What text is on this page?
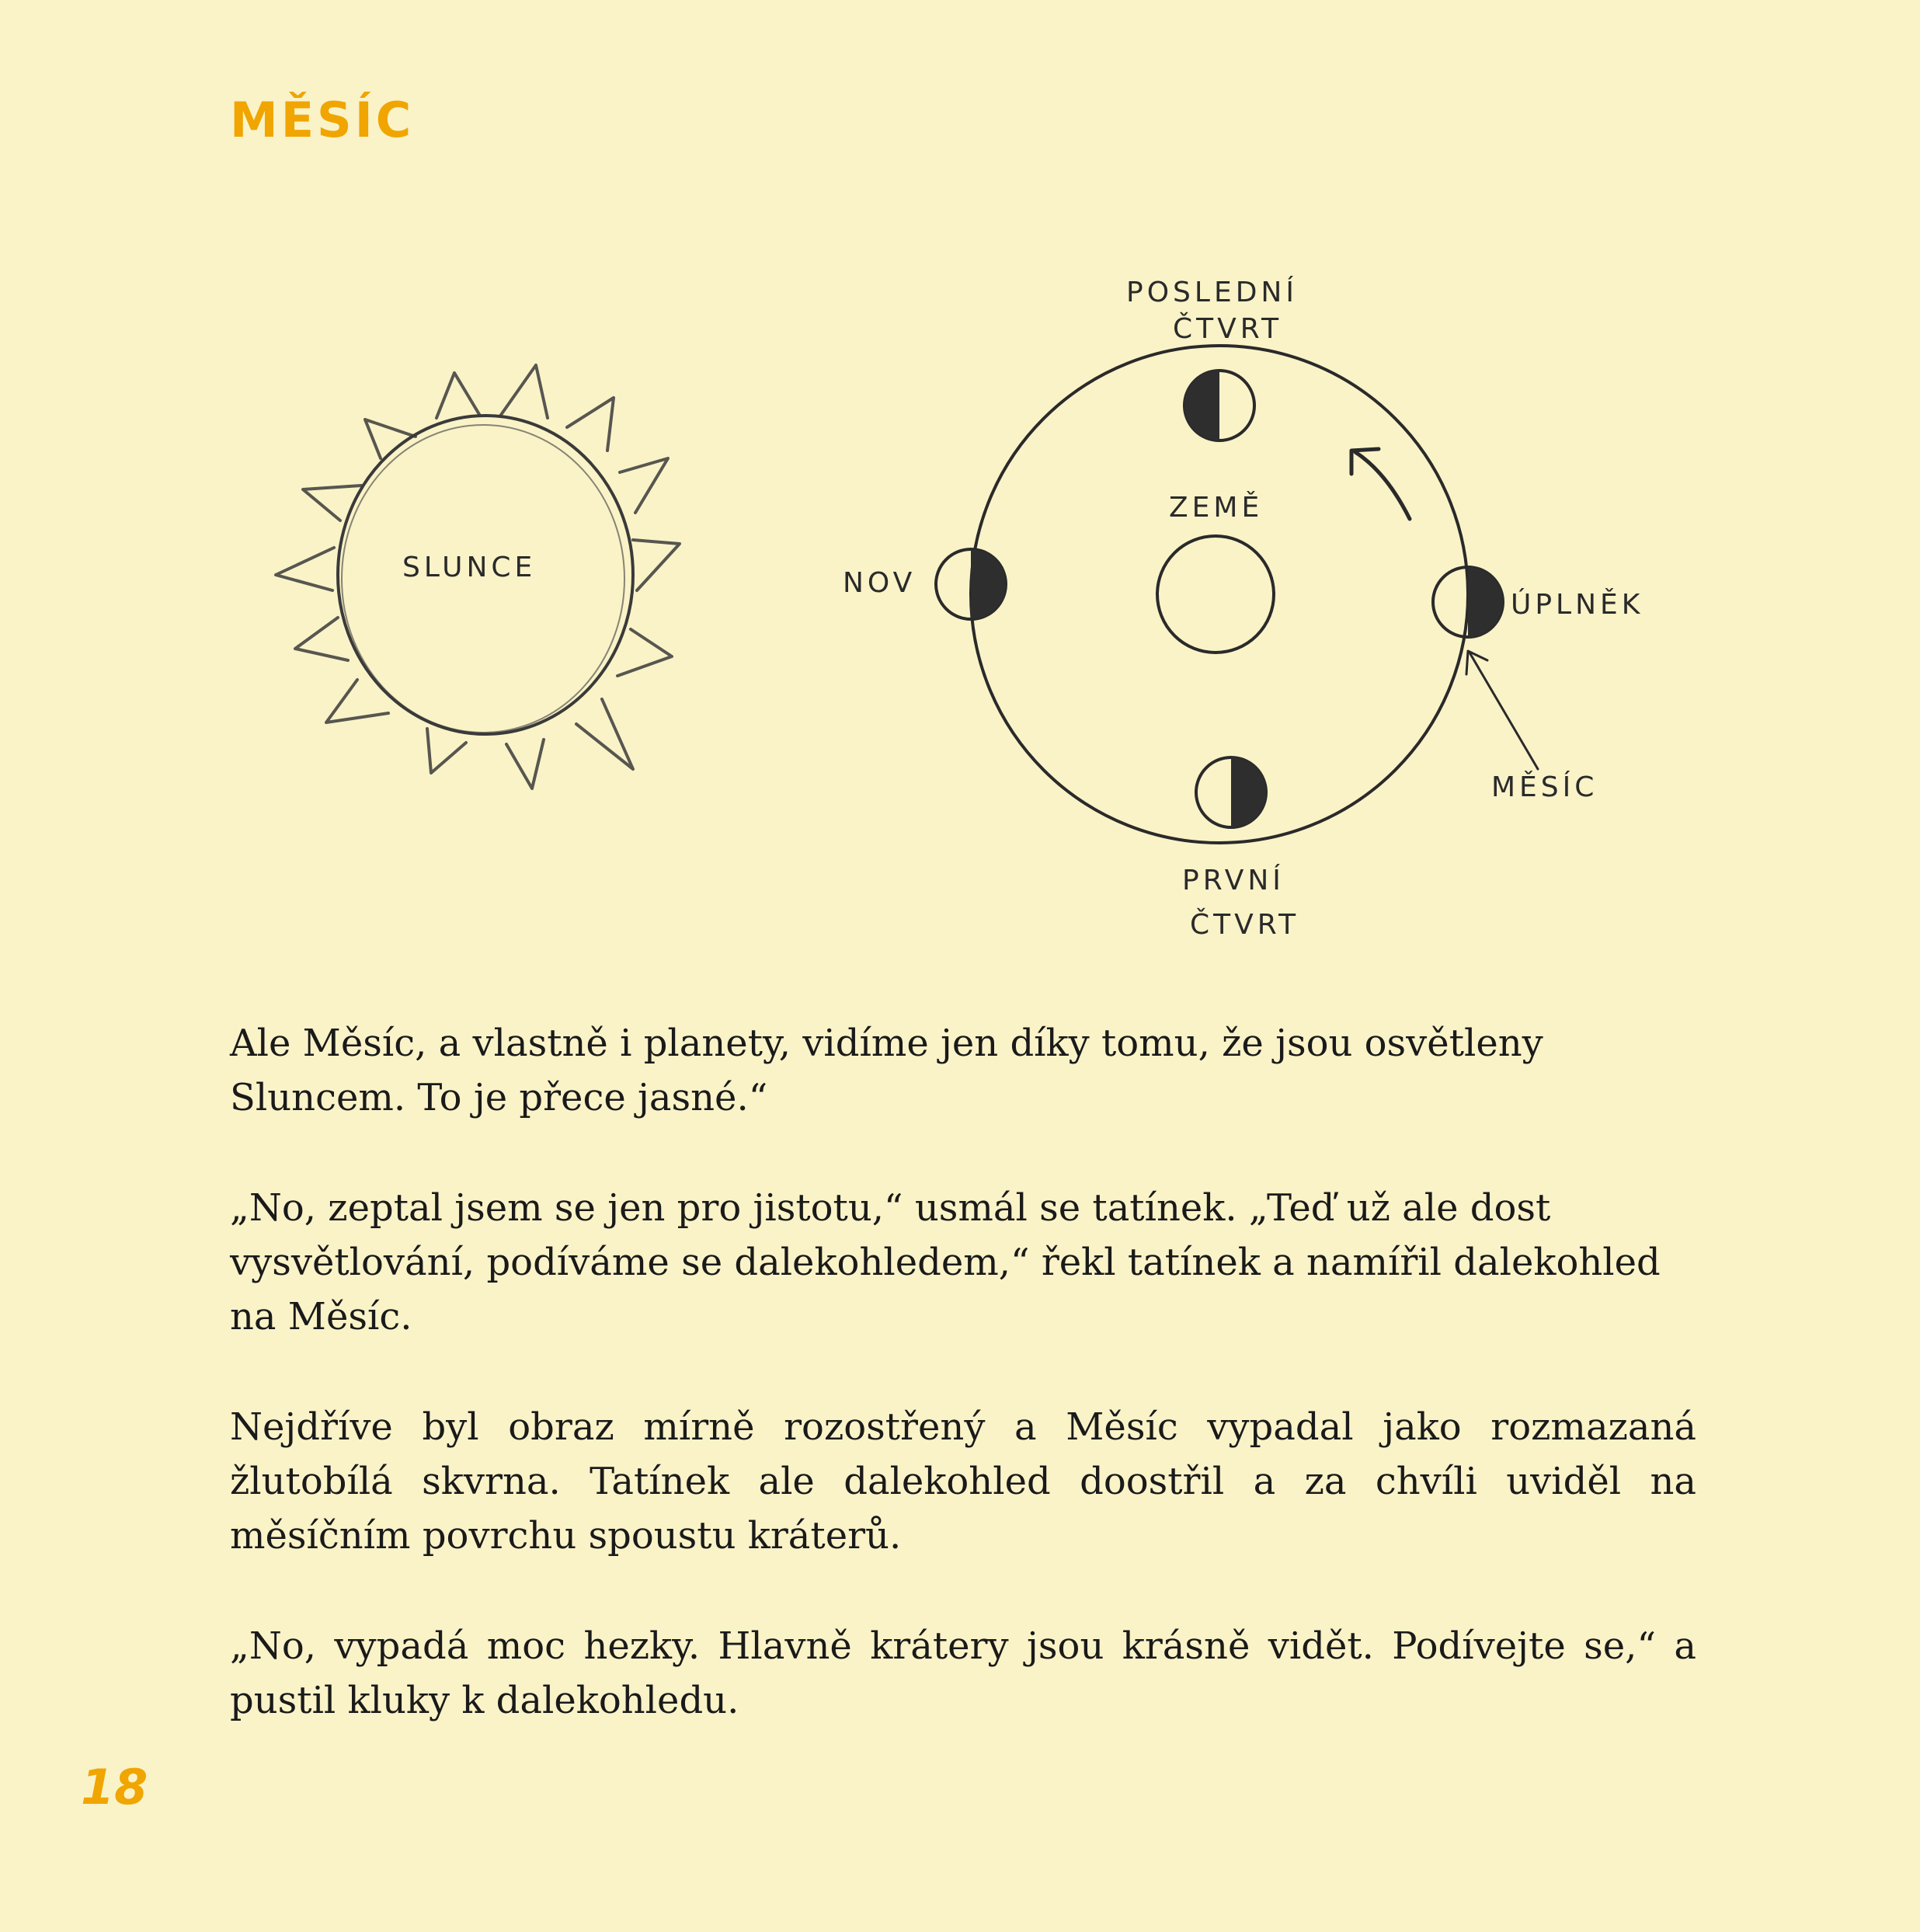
MĚSÍC
SLUNCE
ZEMĚ
NOV
ÚPLNĚK
POSLEDNÍ
ČTVRT
PRVNÍ
ČTVRT
MĚSÍC

Ale Měsíc, a vlastně i planety, vidíme jen díky tomu, že jsou osvětleny Sluncem. To je přece jasné.“

„No, zeptal jsem se jen pro jistotu,“ usmál se tatínek. „Teď už ale dost vysvětlování, podíváme se dalekohledem,“ řekl tatínek a namířil dalekohled na Měsíc.

Nejdříve byl obraz mírně rozostřený a Měsíc vypadal jako rozmazaná žlutobílá skvrna. Tatínek ale dalekohled doostřil a za chvíli uviděl na měsíčním povrchu spoustu kráterů.

„No, vypadá moc hezky. Hlavně krátery jsou krásně vidět. Podívejte se,“ a pustil kluky k dalekohledu.

18
